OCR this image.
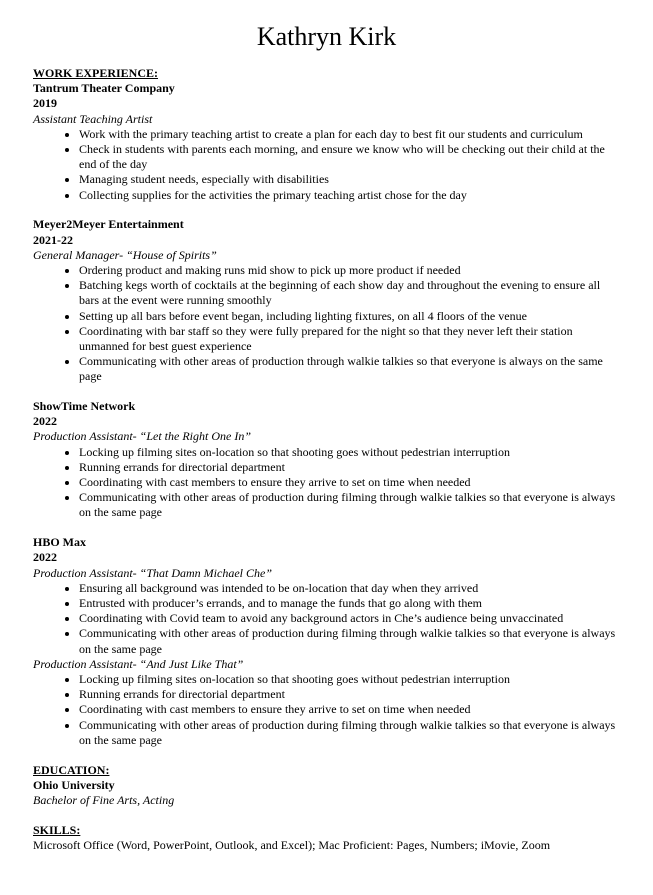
Kathryn Kirk
WORK EXPERIENCE:
Tantrum Theater Company
2019
Assistant Teaching Artist
• Work with the primary teaching artist to create a plan for each day to best fit our students and curriculum
• Check in students with parents each morning, and ensure we know who will be checking out their child at the end of the day
• Managing student needs, especially with disabilities
• Collecting supplies for the activities the primary teaching artist chose for the day
Meyer2Meyer Entertainment
2021-22
General Manager- “House of Spirits”
• Ordering product and making runs mid show to pick up more product if needed
• Batching kegs worth of cocktails at the beginning of each show day and throughout the evening to ensure all bars at the event were running smoothly
• Setting up all bars before event began, including lighting fixtures, on all 4 floors of the venue
• Coordinating with bar staff so they were fully prepared for the night so that they never left their station unmanned for best guest experience
• Communicating with other areas of production through walkie talkies so that everyone is always on the same page
ShowTime Network
2022
Production Assistant- “Let the Right One In”
• Locking up filming sites on-location so that shooting goes without pedestrian interruption
• Running errands for directorial department
• Coordinating with cast members to ensure they arrive to set on time when needed
• Communicating with other areas of production during filming through walkie talkies so that everyone is always on the same page
HBO Max
2022
Production Assistant- “That Damn Michael Che”
• Ensuring all background was intended to be on-location that day when they arrived
• Entrusted with producer’s errands, and to manage the funds that go along with them
• Coordinating with Covid team to avoid any background actors in Che’s audience being unvaccinated
• Communicating with other areas of production during filming through walkie talkies so that everyone is always on the same page
Production Assistant- “And Just Like That”
• Locking up filming sites on-location so that shooting goes without pedestrian interruption
• Running errands for directorial department
• Coordinating with cast members to ensure they arrive to set on time when needed
• Communicating with other areas of production during filming through walkie talkies so that everyone is always on the same page
EDUCATION:
Ohio University
Bachelor of Fine Arts, Acting
SKILLS:
Microsoft Office (Word, PowerPoint, Outlook, and Excel); Mac Proficient: Pages, Numbers; iMovie, Zoom
